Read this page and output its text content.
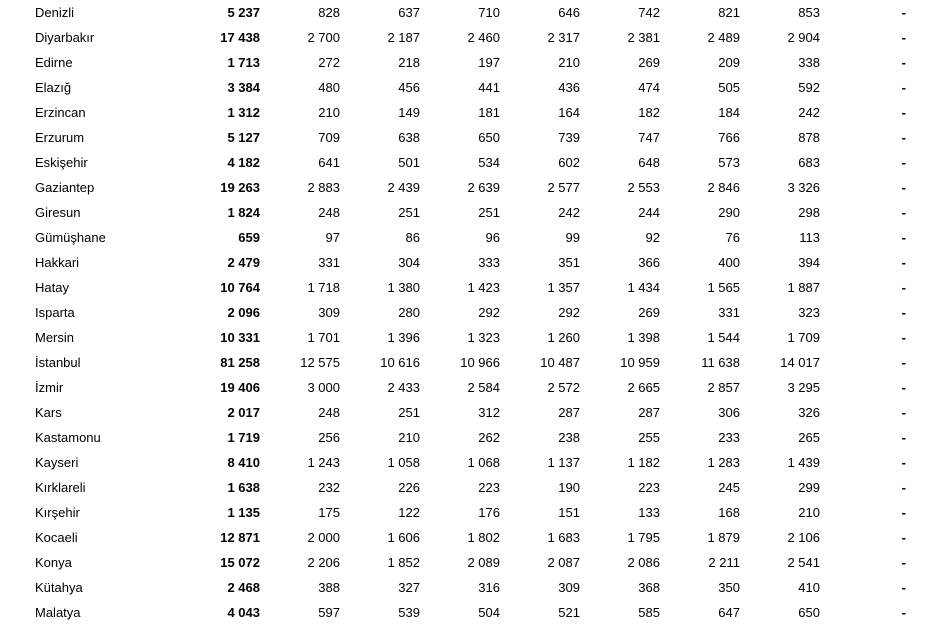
Denizli	5 237	828	637	710	646	742	821	853	-
Diyarbakır	17 438	2 700	2 187	2 460	2 317	2 381	2 489	2 904	-
Edirne	1 713	272	218	197	210	269	209	338	-
Elazığ	3 384	480	456	441	436	474	505	592	-
Erzincan	1 312	210	149	181	164	182	184	242	-
Erzurum	5 127	709	638	650	739	747	766	878	-
Eskişehir	4 182	641	501	534	602	648	573	683	-
Gaziantep	19 263	2 883	2 439	2 639	2 577	2 553	2 846	3 326	-
Giresun	1 824	248	251	251	242	244	290	298	-
Gümüşhane	659	97	86	96	99	92	76	113	-
Hakkari	2 479	331	304	333	351	366	400	394	-
Hatay	10 764	1 718	1 380	1 423	1 357	1 434	1 565	1 887	-
Isparta	2 096	309	280	292	292	269	331	323	-
Mersin	10 331	1 701	1 396	1 323	1 260	1 398	1 544	1 709	-
İstanbul	81 258	12 575	10 616	10 966	10 487	10 959	11 638	14 017	-
İzmir	19 406	3 000	2 433	2 584	2 572	2 665	2 857	3 295	-
Kars	2 017	248	251	312	287	287	306	326	-
Kastamonu	1 719	256	210	262	238	255	233	265	-
Kayseri	8 410	1 243	1 058	1 068	1 137	1 182	1 283	1 439	-
Kırklareli	1 638	232	226	223	190	223	245	299	-
Kırşehir	1 135	175	122	176	151	133	168	210	-
Kocaeli	12 871	2 000	1 606	1 802	1 683	1 795	1 879	2 106	-
Konya	15 072	2 206	1 852	2 089	2 087	2 086	2 211	2 541	-
Kütahya	2 468	388	327	316	309	368	350	410	-
Malatya	4 043	597	539	504	521	585	647	650	-
